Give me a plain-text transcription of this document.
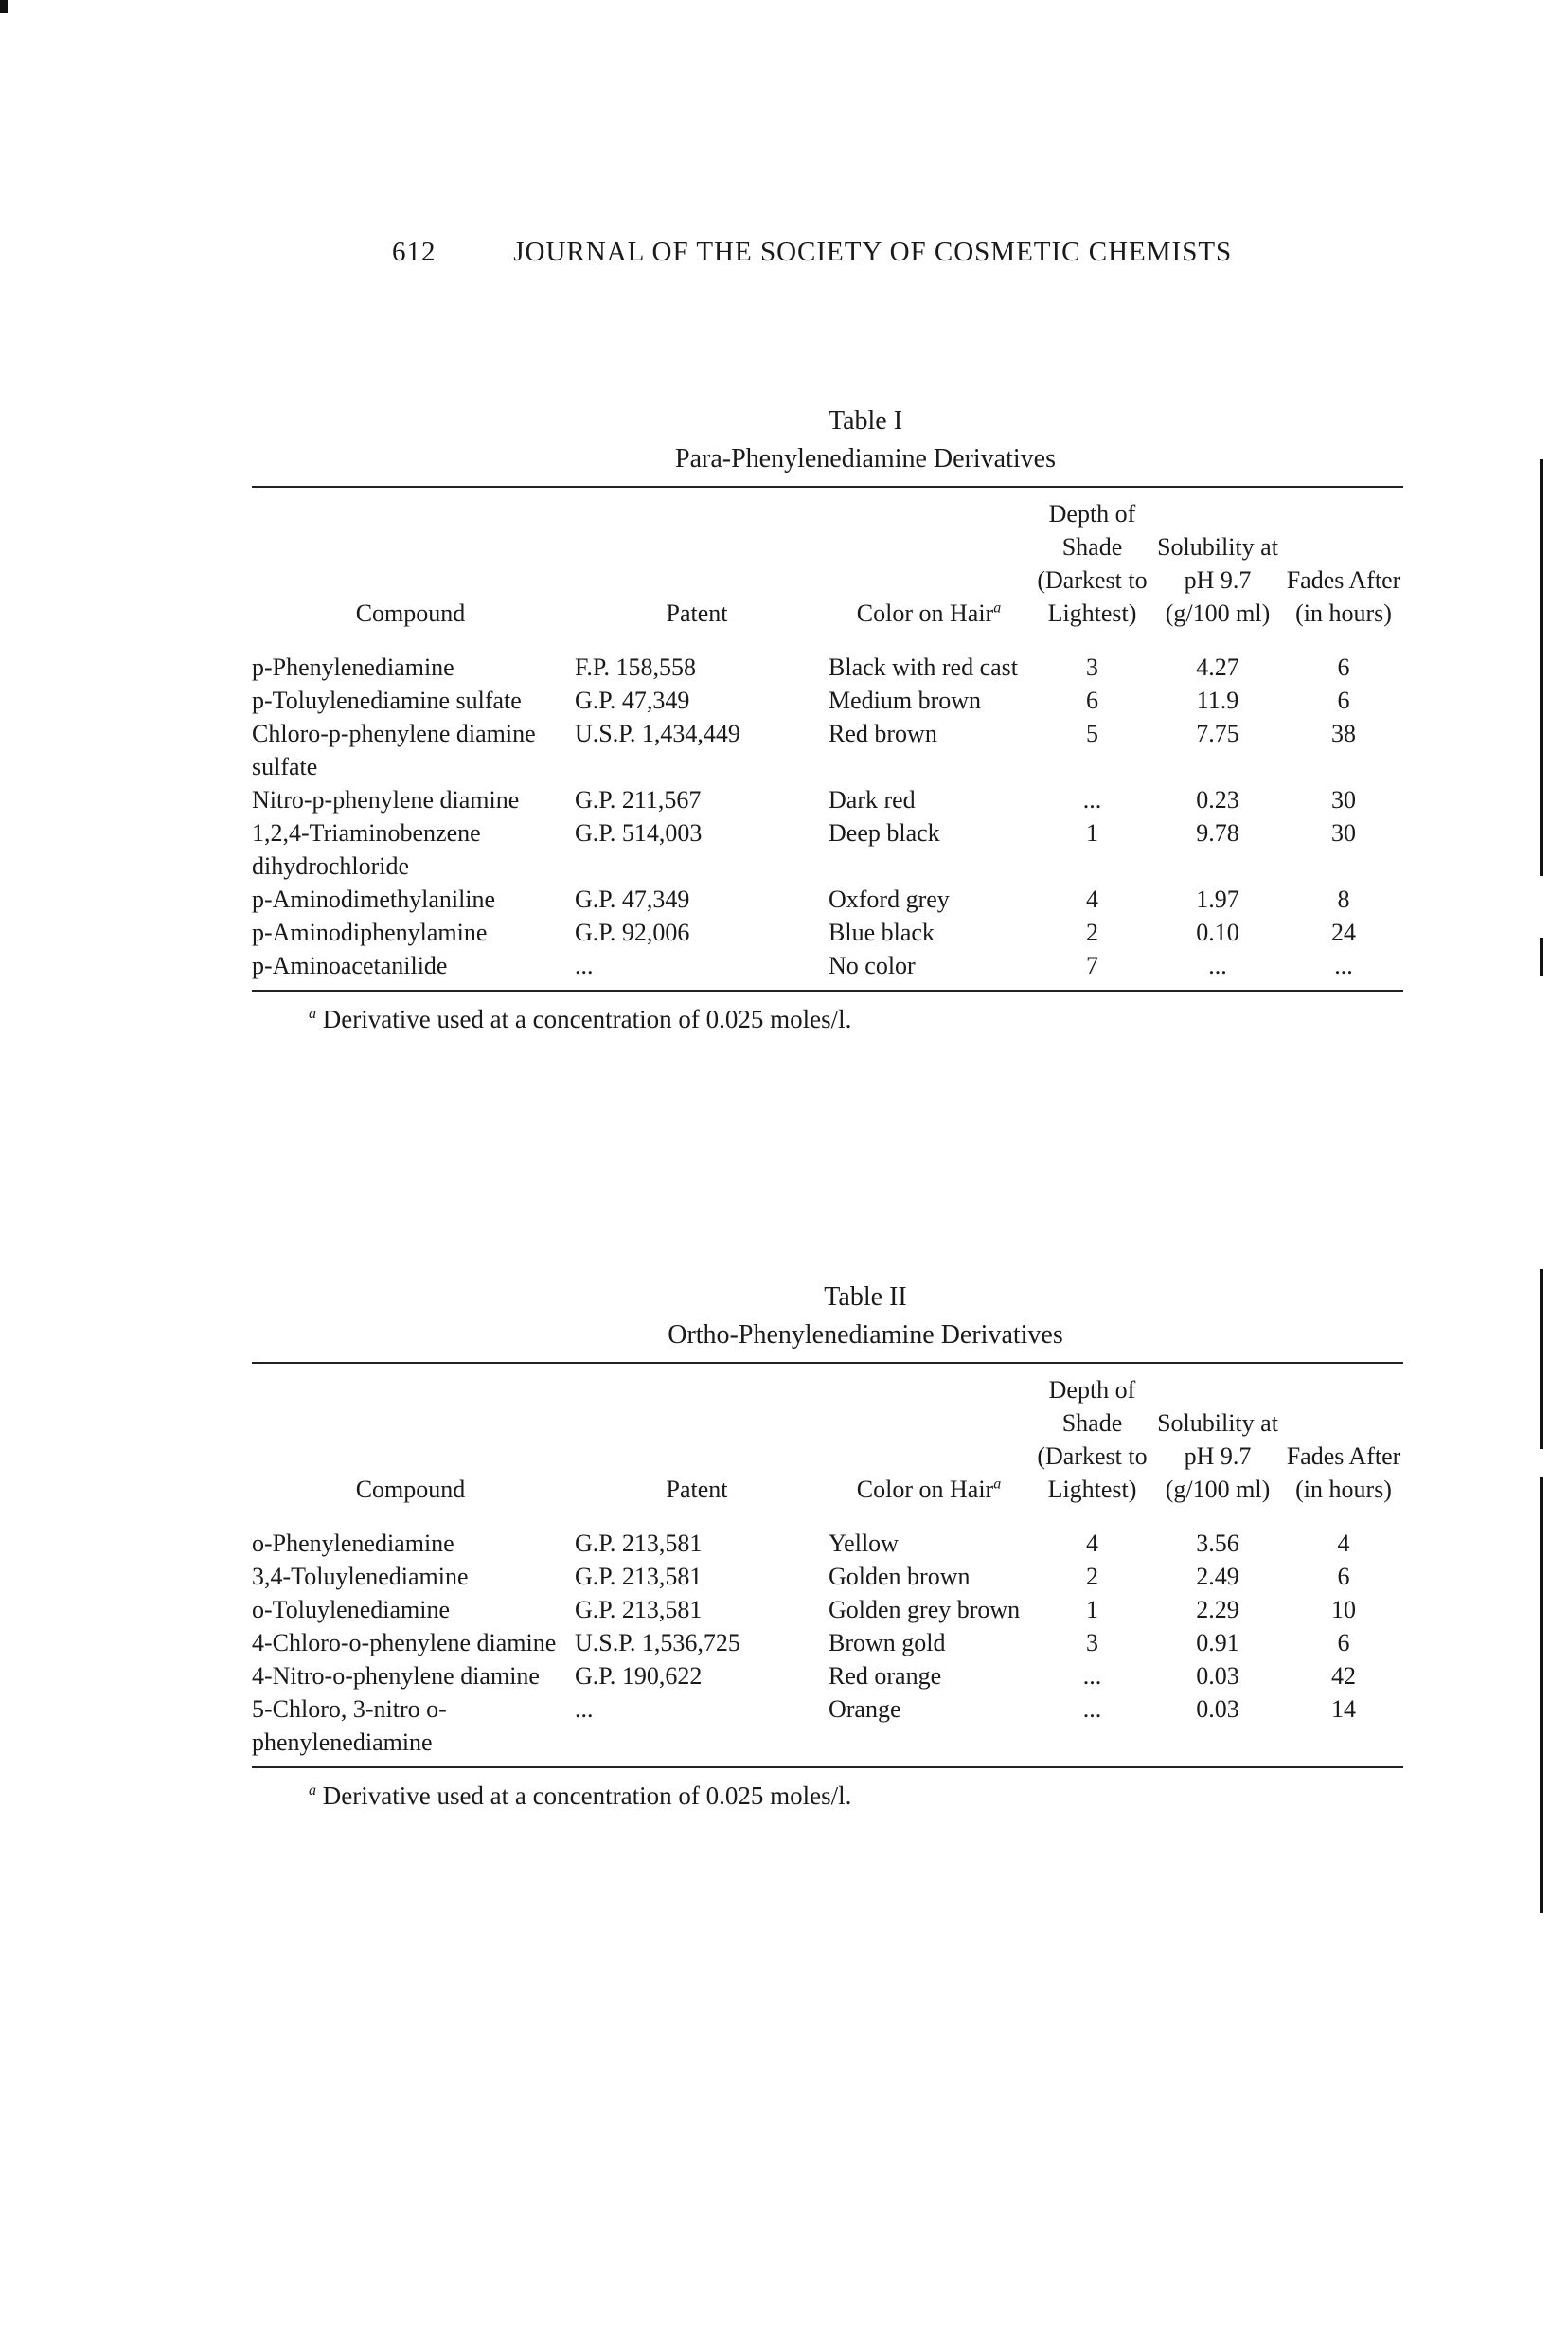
612	JOURNAL OF THE SOCIETY OF COSMETIC CHEMISTS
Table I
Para-Phenylenediamine Derivatives
Compound	Patent	Color on Hair$^a$	Depth of Shade (Darkest to Lightest)	Solubility at pH 9.7 (g/100 ml)	Fades After (in hours)
p-Phenylenediamine	F.P. 158,558	Black with red cast	3	4.27	6
p-Toluylenediamine sulfate	G.P. 47,349	Medium brown	6	11.9	6
Chloro-p-phenylene diamine sulfate	U.S.P. 1,434,449	Red brown	5	7.75	38
Nitro-p-phenylene diamine	G.P. 211,567	Dark red	...	0.23	30
1,2,4-Triaminobenzene dihydrochloride	G.P. 514,003	Deep black	1	9.78	30
p-Aminodimethylaniline	G.P. 47,349	Oxford grey	4	1.97	8
p-Aminodiphenylamine	G.P. 92,006	Blue black	2	0.10	24
p-Aminoacetanilide	...	No color	7	...	...
$^a$ Derivative used at a concentration of 0.025 moles/l.
Table II
Ortho-Phenylenediamine Derivatives
Compound	Patent	Color on Hair$^a$	Depth of Shade (Darkest to Lightest)	Solubility at pH 9.7 (g/100 ml)	Fades After (in hours)
o-Phenylenediamine	G.P. 213,581	Yellow	4	3.56	4
3,4-Toluylenediamine	G.P. 213,581	Golden brown	2	2.49	6
o-Toluylenediamine	G.P. 213,581	Golden grey brown	1	2.29	10
4-Chloro-o-phenylene diamine	U.S.P. 1,536,725	Brown gold	3	0.91	6
4-Nitro-o-phenylene diamine	G.P. 190,622	Red orange	...	0.03	42
5-Chloro, 3-nitro o-phenylenediamine	...	Orange	...	0.03	14
$^a$ Derivative used at a concentration of 0.025 moles/l.
